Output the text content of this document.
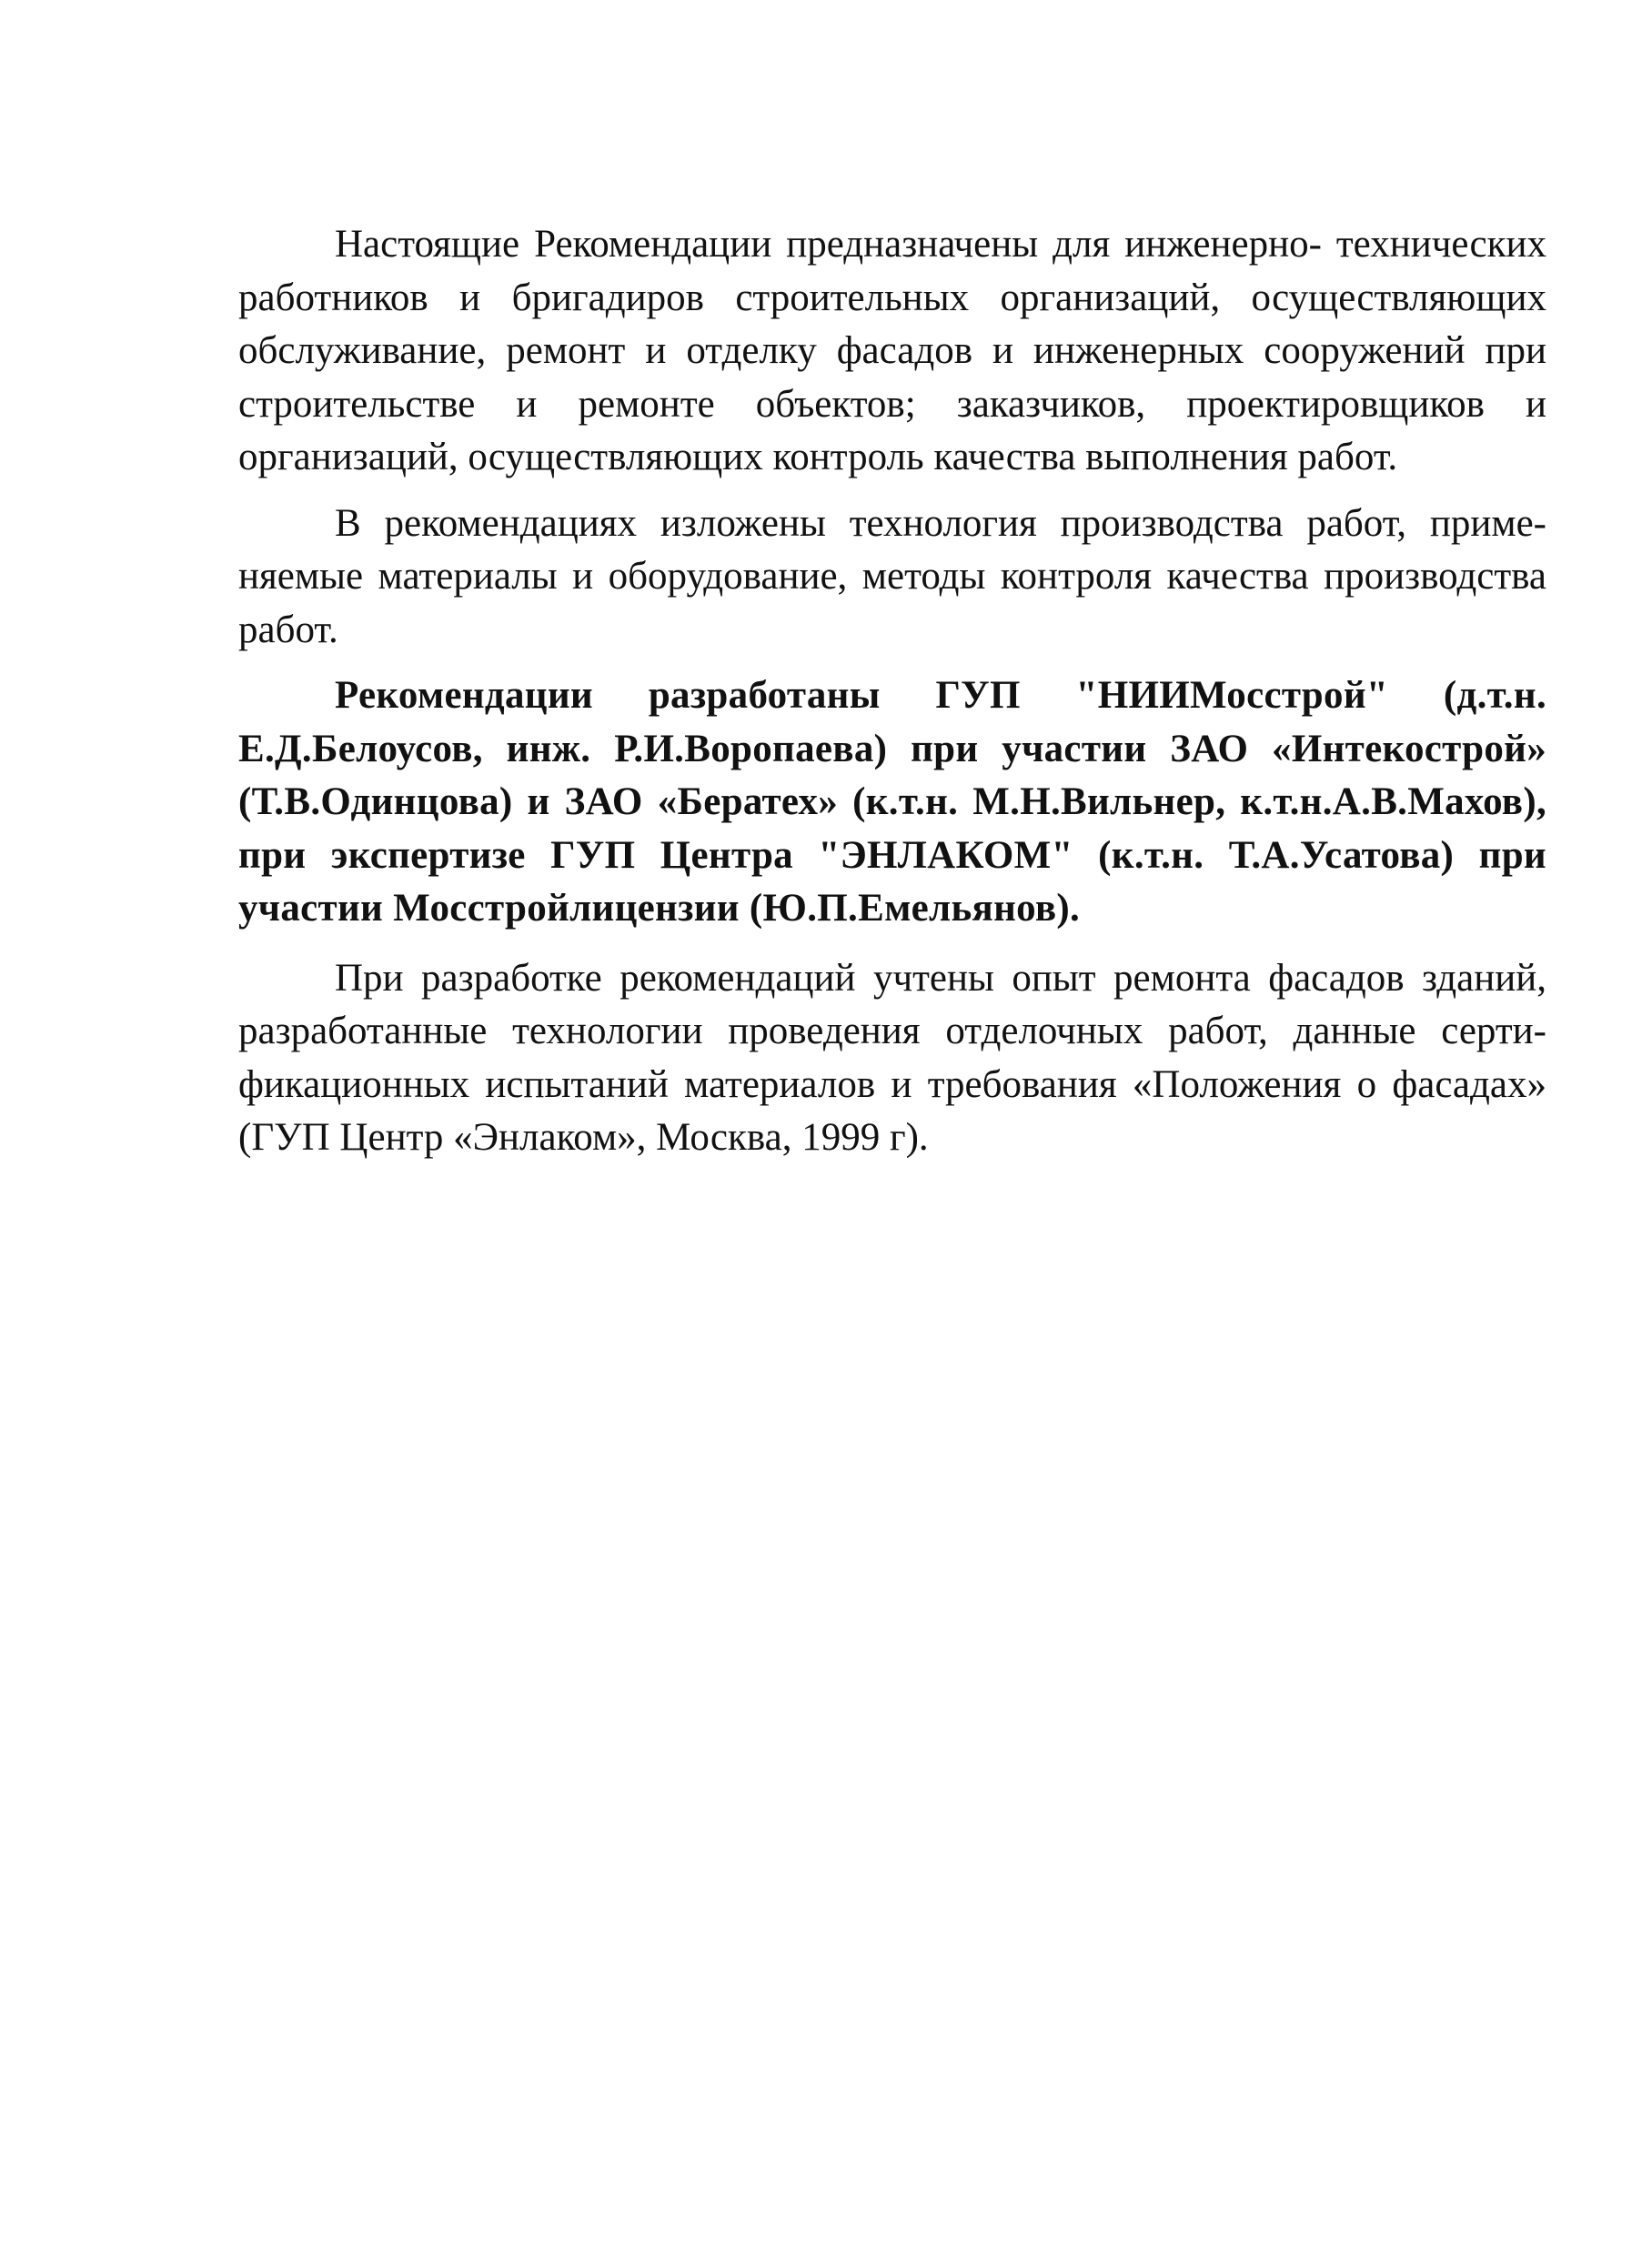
Настоящие Рекомендации предназначены для инженерно- технических работников и бригадиров строительных организаций, осуществляющих обслуживание, ремонт и отделку фасадов и инженерных сооружений при строительстве и ремонте объектов; заказчиков, проектировщиков и организаций, осуществляющих контроль качества выполнения работ.

В рекомендациях изложены технология производства работ, применяемые материалы и оборудование, методы контроля качества производства работ.

Рекомендации разработаны ГУП "НИИМосстрой" (д.т.н. Е.Д.Белоусов, инж. Р.И.Воропаева) при участии ЗАО «Интекострой» (Т.В.Одинцова) и ЗАО «Бератех» (к.т.н. М.Н.Вильнер, к.т.н.А.В.Махов), при экспертизе ГУП Центра "ЭНЛАКОМ" (к.т.н. Т.А.Усатова) при участии Мосстройлицензии (Ю.П.Емельянов).

При разработке рекомендаций учтены опыт ремонта фасадов зданий, разработанные технологии проведения отделочных работ, данные сертификационных испытаний материалов и требования «Положения о фасадах» (ГУП Центр «Энлаком», Москва, 1999 г).
